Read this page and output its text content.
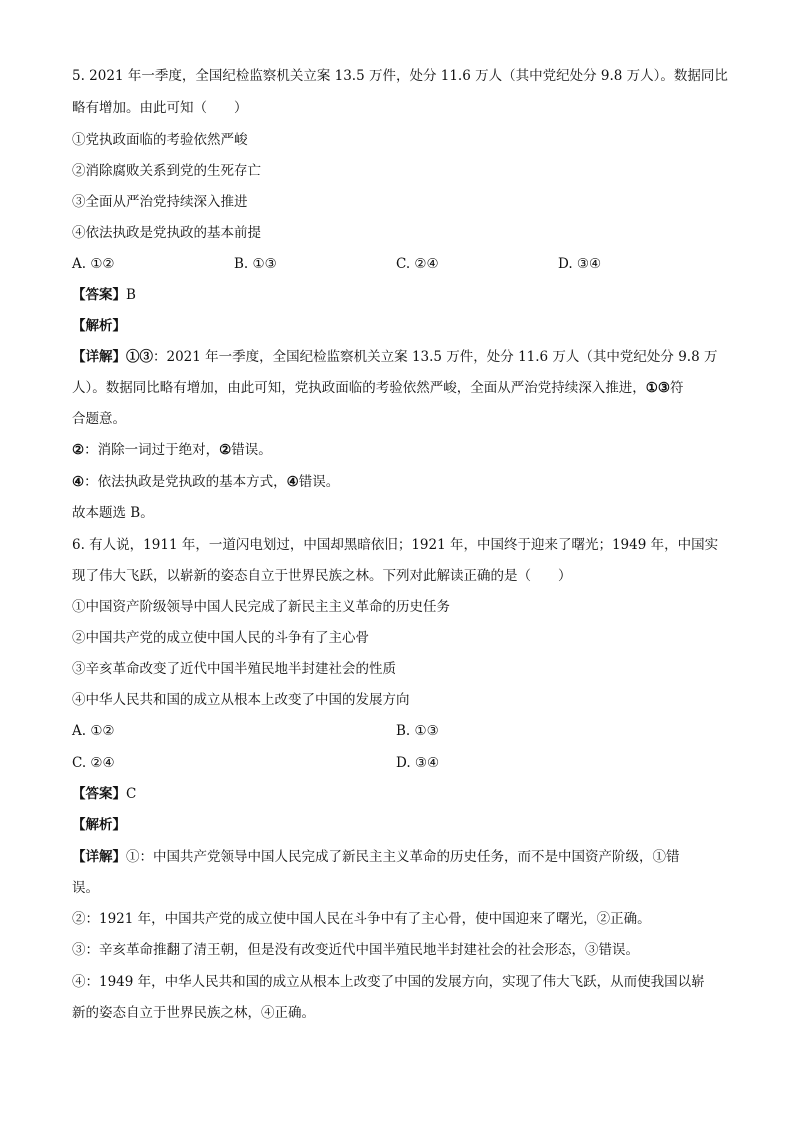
5. 2021 年一季度，全国纪检监察机关立案 13.5 万件，处分 11.6 万人（其中党纪处分 9.8 万人）。数据同比
略有增加。由此可知（　　）
①党执政面临的考验依然严峻
②消除腐败关系到党的生死存亡
③全面从严治党持续深入推进
④依法执政是党执政的基本前提
A. ①②	B. ①③	C. ②④	D. ③④
【答案】B
【解析】
【详解】①③：2021 年一季度，全国纪检监察机关立案 13.5 万件，处分 11.6 万人（其中党纪处分 9.8 万
人）。数据同比略有增加，由此可知，党执政面临的考验依然严峻，全面从严治党持续深入推进，①③符
合题意。
②：消除一词过于绝对，②错误。
④：依法执政是党执政的基本方式，④错误。
故本题选 B。
6. 有人说，1911 年，一道闪电划过，中国却黑暗依旧；1921 年，中国终于迎来了曙光；1949 年，中国实
现了伟大飞跃，以崭新的姿态自立于世界民族之林。下列对此解读正确的是（　　）
①中国资产阶级领导中国人民完成了新民主主义革命的历史任务
②中国共产党的成立使中国人民的斗争有了主心骨
③辛亥革命改变了近代中国半殖民地半封建社会的性质
④中华人民共和国的成立从根本上改变了中国的发展方向
A. ①②	B. ①③
C. ②④	D. ③④
【答案】C
【解析】
【详解】①：中国共产党领导中国人民完成了新民主主义革命的历史任务，而不是中国资产阶级，①错
误。
②：1921 年，中国共产党的成立使中国人民在斗争中有了主心骨，使中国迎来了曙光，②正确。
③：辛亥革命推翻了清王朝，但是没有改变近代中国半殖民地半封建社会的社会形态，③错误。
④：1949 年，中华人民共和国的成立从根本上改变了中国的发展方向，实现了伟大飞跃，从而使我国以崭
新的姿态自立于世界民族之林，④正确。
